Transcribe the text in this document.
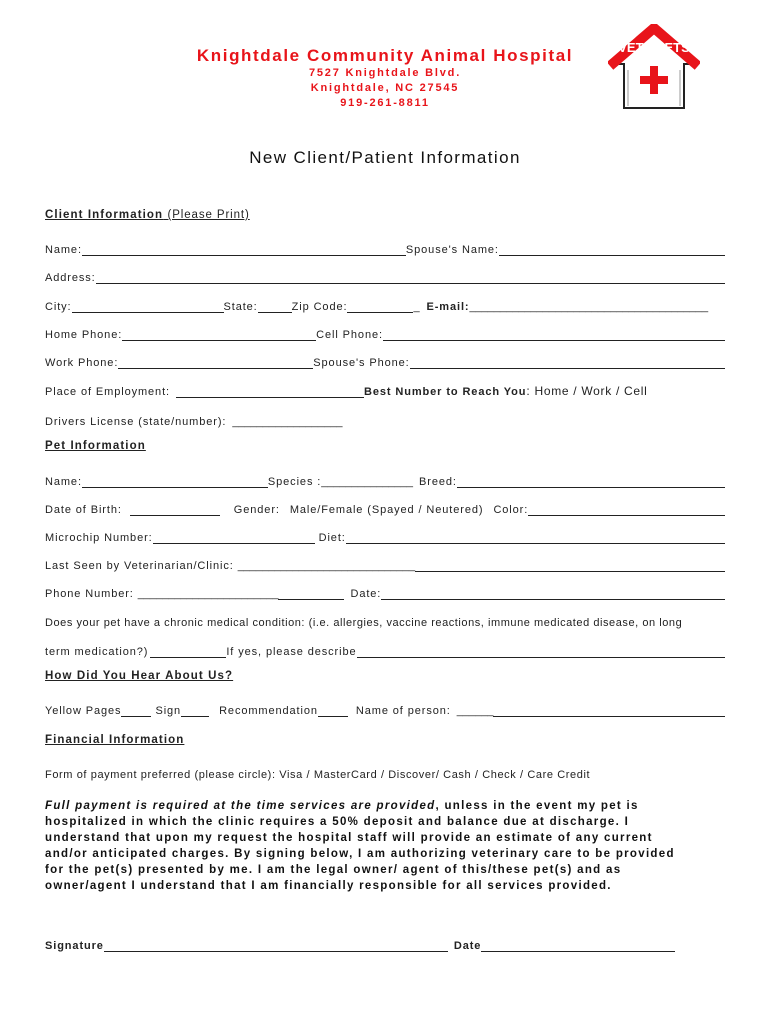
Knightdale Community Animal Hospital
7527 Knightdale Blvd.
Knightdale, NC 27545
919-261-8811
VETS PETS
New Client/Patient Information
Client Information (Please Print)
Name:	Spouse's Name:
Address:
City:	State:	Zip Code:	_ E-mail: _______________________________________
Home Phone:	Cell Phone:
Work Phone:	Spouse's Phone:
Place of Employment:	Best Number to Reach You : Home / Work / Cell
Drivers License (state/number): __________________
Pet Information
Name:	Species : _______________ Breed:
Date of Birth:	Gender: Male/Female (Spayed / Neutered) Color:
Microchip Number:	Diet:
Last Seen by Veterinarian/Clinic: _____________________________
Phone Number: _______________________	Date:
Does your pet have a chronic medical condition: (i.e. allergies, vaccine reactions, immune medicated disease, on long
term medication?)	If yes, please describe
How Did You Hear About Us?
Yellow Pages	Sign	Recommendation	Name of person: ______
Financial Information
Form of payment preferred (please circle): Visa / MasterCard / Discover/ Cash / Check / Care Credit
Full payment is required at the time services are provided, unless in the event my pet is
hospitalized in which the clinic requires a 50% deposit and balance due at discharge. I
understand that upon my request the hospital staff will provide an estimate of any current
and/or anticipated charges. By signing below, I am authorizing veterinary care to be provided
for the pet(s) presented by me. I am the legal owner/ agent of this/these pet(s) and as
owner/agent I understand that I am financially responsible for all services provided.
Signature	Date
